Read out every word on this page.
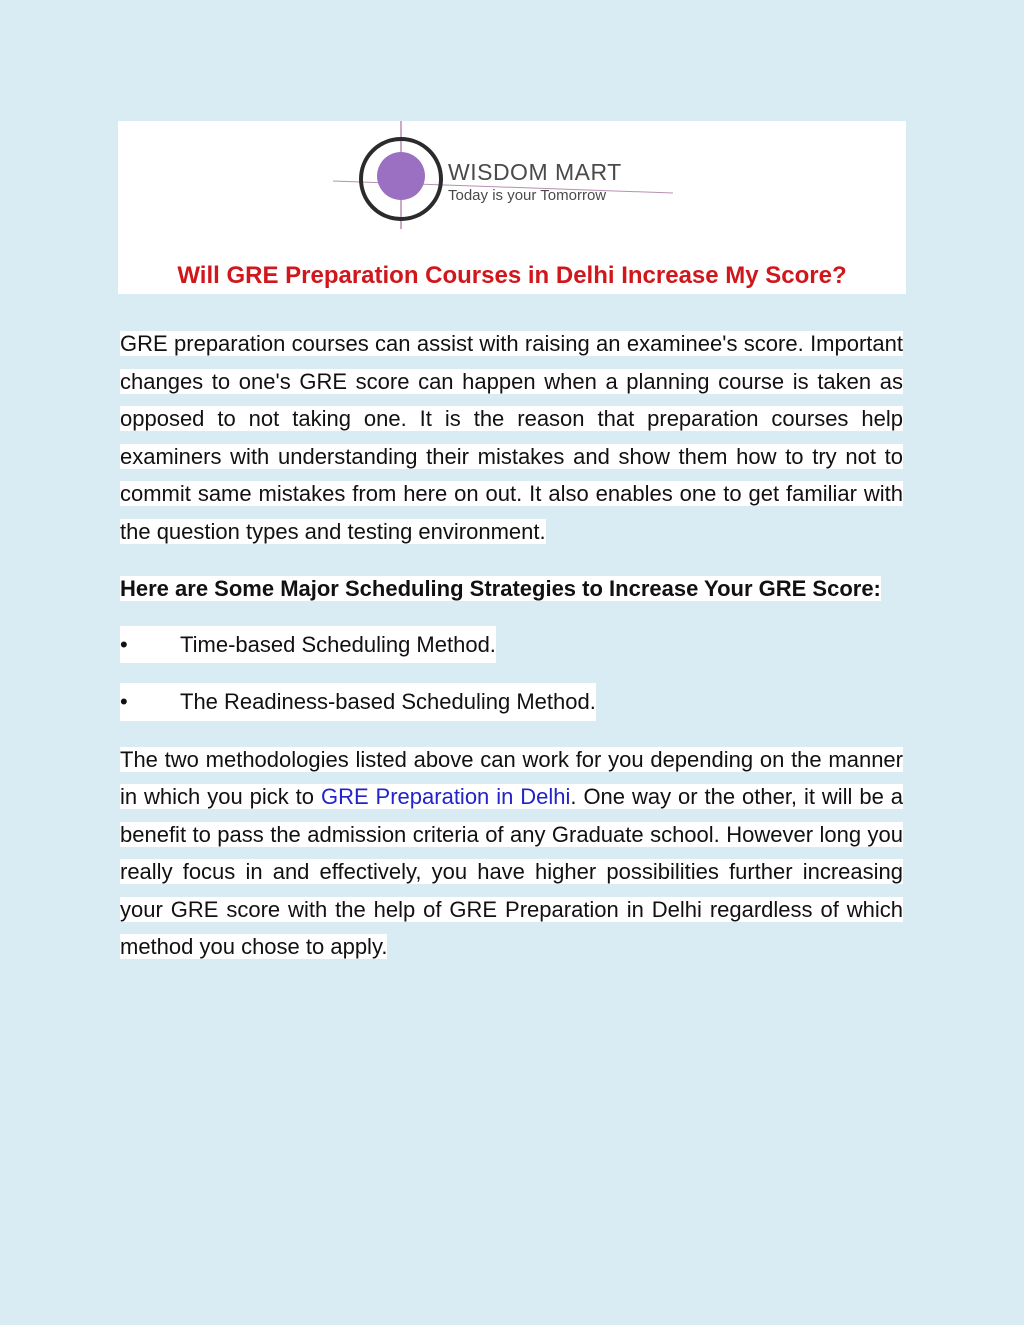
WISDOM MART
Today is your Tomorrow
Will GRE Preparation Courses in Delhi Increase My Score?

GRE preparation courses can assist with raising an examinee's score. Important changes to one's GRE score can happen when a planning course is taken as opposed to not taking one. It is the reason that preparation courses help examiners with understanding their mistakes and show them how to try not to commit same mistakes from here on out. It also enables one to get familiar with the question types and testing environment.

Here are Some Major Scheduling Strategies to Increase Your GRE Score:

•	Time-based Scheduling Method.

•	The Readiness-based Scheduling Method.

The two methodologies listed above can work for you depending on the manner in which you pick to GRE Preparation in Delhi. One way or the other, it will be a benefit to pass the admission criteria of any Graduate school. However long you really focus in and effectively, you have higher possibilities further increasing your GRE score with the help of GRE Preparation in Delhi regardless of which method you chose to apply.
